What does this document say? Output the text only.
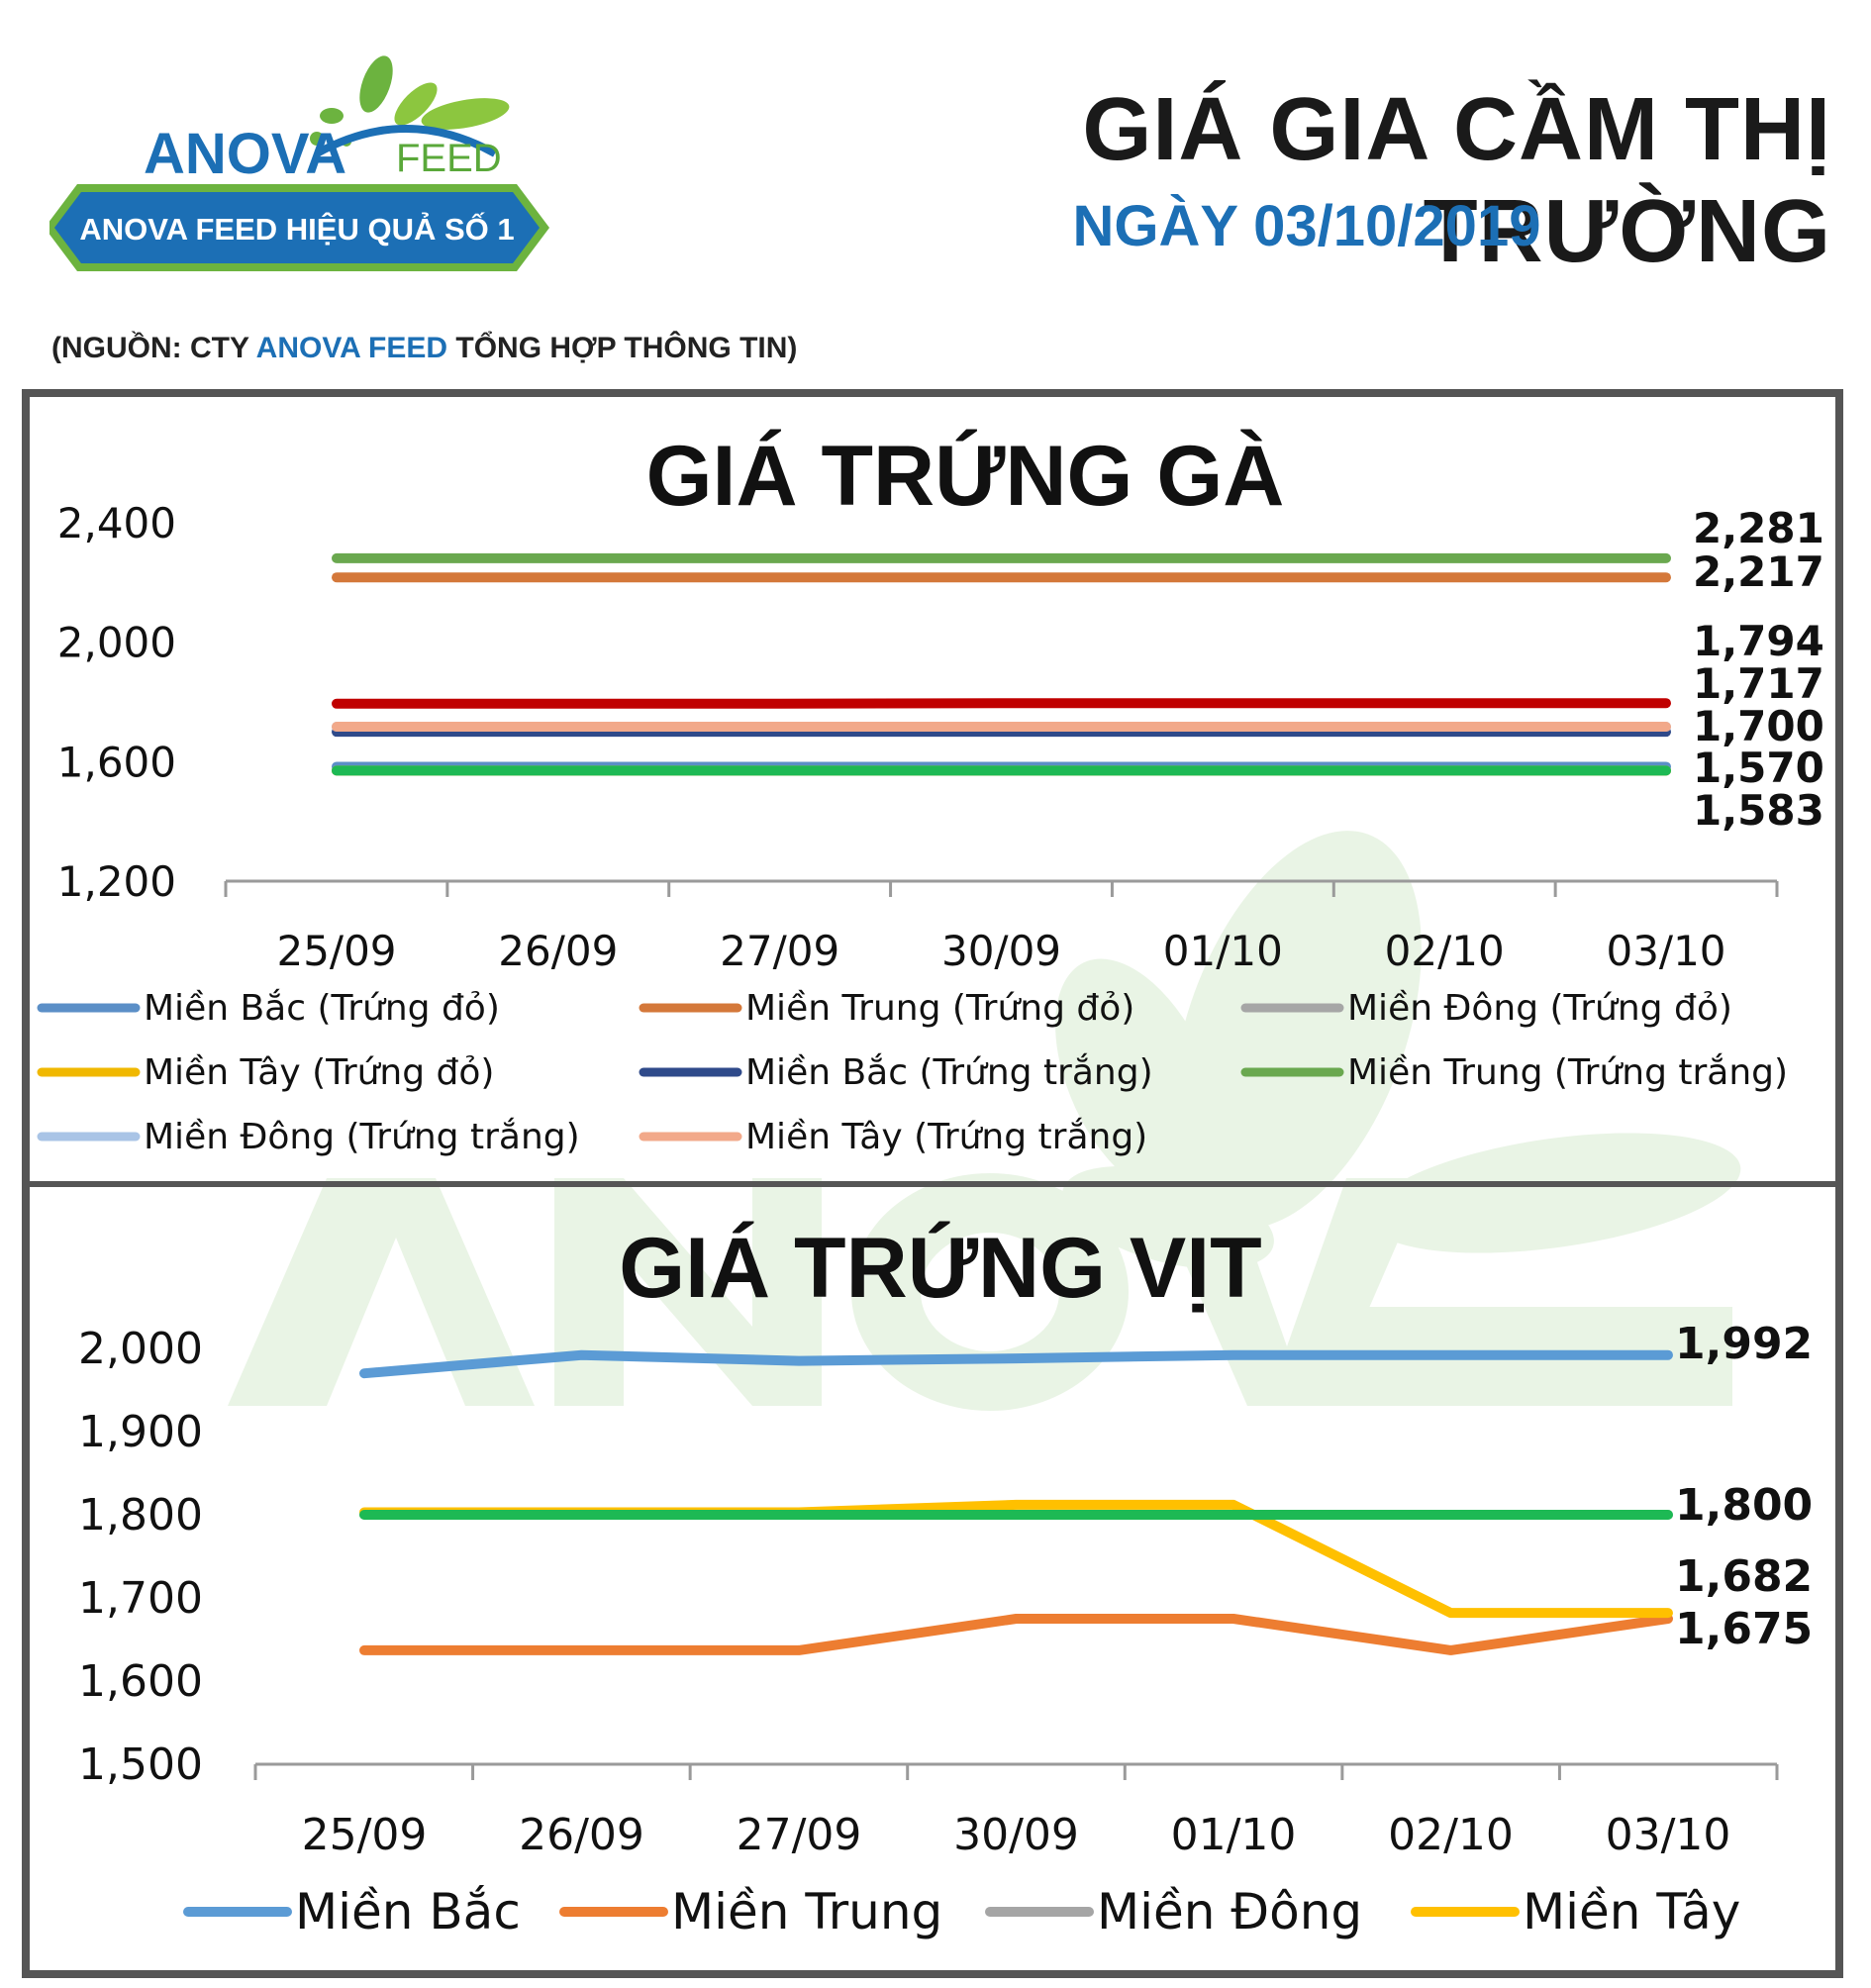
ANOVA FEED
ANOVA FEED HIỆU QUẢ SỐ 1
GIÁ GIA CẦM THỊ TRƯỜNG
NGÀY 03/10/2019
(NGUỒN: CTY ANOVA FEED TỔNG HỢP THÔNG TIN)
GIÁ TRỨNG GÀ
1,200
1,600
2,000
2,400
25/09 26/09 27/09 30/09 01/10 02/10 03/10
2,281
2,217
1,794
1,717
1,700
1,570
1,583
Miền Bắc (Trứng đỏ)	Miền Trung (Trứng đỏ)	Miền Đông (Trứng đỏ)
Miền Tây (Trứng đỏ)	Miền Bắc (Trứng trắng)	Miền Trung (Trứng trắng)
Miền Đông (Trứng trắng)	Miền Tây (Trứng trắng)
GIÁ TRỨNG VỊT
1,500
1,600
1,700
1,800
1,900
2,000
25/09 26/09 27/09 30/09 01/10 02/10 03/10
1,992
1,800
1,682
1,675
Miền Bắc	Miền Trung	Miền Đông	Miền Tây
